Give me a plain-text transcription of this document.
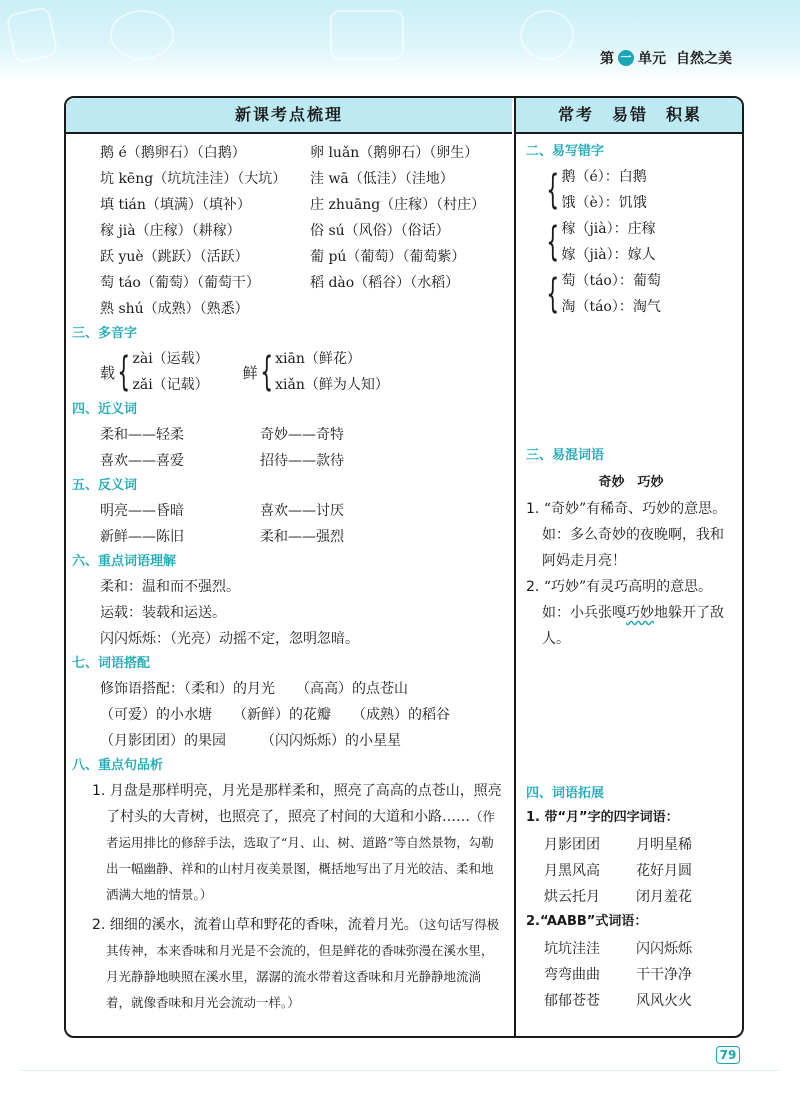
第 一 单元 自然之美
新课考点梳理
鹅 é（鹅卵石）（白鹅）	卵 luǎn（鹅卵石）（卵生）
坑 kēng（坑坑洼洼）（大坑） 洼 wā（低洼）（洼地）
填 tián（填满）（填补）	庄 zhuāng（庄稼）（村庄）
稼 jià（庄稼）（耕稼）	俗 sú（风俗）（俗话）
跃 yuè（跳跃）（活跃）	葡 pú（葡萄）（葡萄紫）
萄 táo（葡萄）（葡萄干）	稻 dào（稻谷）（水稻）
熟 shú（成熟）（熟悉）
三、多音字
载 { zài（运载）
zǎi（记载）
鲜 { xiān（鲜花）
xiǎn（鲜为人知）
四、近义词
柔和——轻柔	奇妙——奇特
喜欢——喜爱	招待——款待
五、反义词
明亮——昏暗	喜欢——讨厌
新鲜——陈旧	柔和——强烈
六、重点词语理解
柔和：温和而不强烈。
运载：装载和运送。
闪闪烁烁：（光亮）动摇不定，忽明忽暗。
七、词语搭配
修饰语搭配：（柔和）的月光　　（高高）的点苍山
（可爱）的小水塘　　（新鲜）的花瓣　　（成熟）的稻谷
（月影团团）的果园　　　（闪闪烁烁）的小星星
八、重点句品析
1. 月盘是那样明亮，月光是那样柔和，照亮了高高的点苍山，照亮了村头的大青树，也照亮了，照亮了村间的大道和小路……（作者运用排比的修辞手法，选取了“月、山、树、道路”等自然景物，勾勒出一幅幽静、祥和的山村月夜美景图，概括地写出了月光皎洁、柔和地洒满大地的情景。）
2. 细细的溪水，流着山草和野花的香味，流着月光。（这句话写得极其传神，本来香味和月光是不会流的，但是鲜花的香味弥漫在溪水里，月光静静地映照在溪水里，潺潺的流水带着这香味和月光静静地流淌着，就像香味和月光会流动一样。）
常考　易错　积累
二、易写错字
{ 鹅（é）：白鹅
饿（è）：饥饿
{ 稼（jià）：庄稼
嫁（jià）：嫁人
{ 萄（táo）：葡萄
淘（táo）：淘气
三、易混词语
奇妙　巧妙
1. “奇妙”有稀奇、巧妙的意思。如：多么奇妙的夜晚啊，我和阿妈走月亮！
2. “巧妙”有灵巧高明的意思。如：小兵张嘎巧妙地躲开了敌人。
四、词语拓展
1. 带“月”字的四字词语：
月影团团	月明星稀
月黑风高	花好月圆
烘云托月	闭月羞花
2.“AABB”式词语：
坑坑洼洼	闪闪烁烁
弯弯曲曲	干干净净
郁郁苍苍	风风火火
79
